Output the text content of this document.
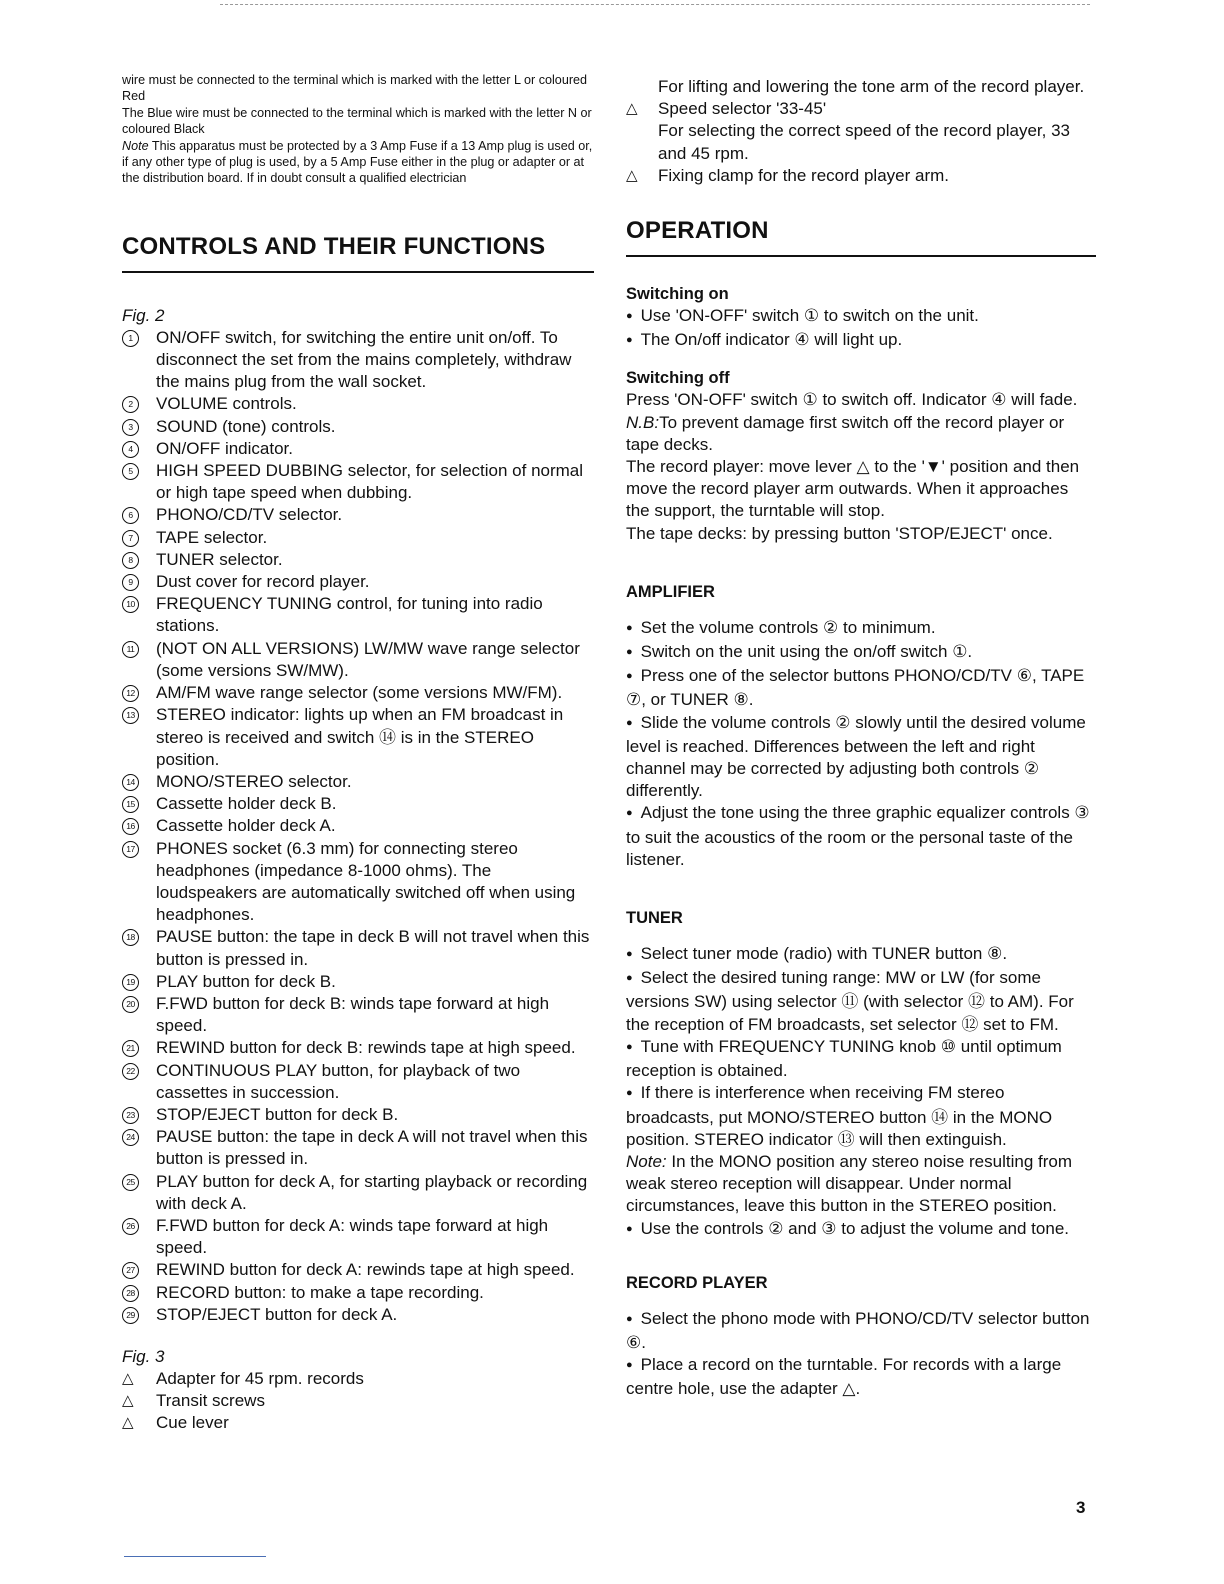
wire must be connected to the terminal which is marked with the letter L or coloured Red

The Blue wire must be connected to the terminal which is marked with the letter N or coloured Black

Note This apparatus must be protected by a 3 Amp Fuse if a 13 Amp plug is used or, if any other type of plug is used, by a 5 Amp Fuse either in the plug or adapter or at the distribution board. If in doubt consult a qualified electrician

CONTROLS AND THEIR FUNCTIONS
Fig. 2
1	ON/OFF switch, for switching the entire unit on/off. To disconnect the set from the mains completely, withdraw the mains plug from the wall socket.
2	VOLUME controls.
3	SOUND (tone) controls.
4	ON/OFF indicator.
5	HIGH SPEED DUBBING selector, for selection of normal or high tape speed when dubbing.
6	PHONO/CD/TV selector.
7	TAPE selector.
8	TUNER selector.
9	Dust cover for record player.
10 FREQUENCY TUNING control, for tuning into radio stations.
11 (NOT ON ALL VERSIONS) LW/MW wave range selector (some versions SW/MW).
12 AM/FM wave range selector (some versions MW/FM).
13 STEREO indicator: lights up when an FM broadcast in stereo is received and switch ⑭ is in the STEREO position.
14 MONO/STEREO selector.
15 Cassette holder deck B.
16 Cassette holder deck A.
17 PHONES socket (6.3 mm) for connecting stereo headphones (impedance 8-1000 ohms). The loudspeakers are automatically switched off when using headphones.
18 PAUSE button: the tape in deck B will not travel when this button is pressed in.
19 PLAY button for deck B.
20 F.FWD button for deck B: winds tape forward at high speed.
21 REWIND button for deck B: rewinds tape at high speed.
22 CONTINUOUS PLAY button, for playback of two cassettes in succession.
23 STOP/EJECT button for deck B.
24 PAUSE button: the tape in deck A will not travel when this button is pressed in.
25 PLAY button for deck A, for starting playback or recording with deck A.
26 F.FWD button for deck A: winds tape forward at high speed.
27 REWIND button for deck A: rewinds tape at high speed.
28 RECORD button: to make a tape recording.
29 STOP/EJECT button for deck A.
Fig. 3
△ Adapter for 45 rpm. records
△ Transit screws
△ Cue lever

For lifting and lowering the tone arm of the record player.

△ Speed selector '33-45'

For selecting the correct speed of the record player, 33 and 45 rpm.

△ Fixing clamp for the record player arm.

OPERATION

Switching on

● Use 'ON-OFF' switch ① to switch on the unit.

● The On/off indicator ④ will light up.

Switching off

Press 'ON-OFF' switch ① to switch off. Indicator ④ will fade.

N.B:To prevent damage first switch off the record player or tape decks.

The record player: move lever △ to the '▼' position and then move the record player arm outwards. When it approaches the support, the turntable will stop.

The tape decks: by pressing button 'STOP/EJECT' once.

AMPLIFIER

● Set the volume controls ② to minimum.

● Switch on the unit using the on/off switch ①.

● Press one of the selector buttons PHONO/CD/TV ⑥, TAPE ⑦, or TUNER ⑧.

● Slide the volume controls ② slowly until the desired volume level is reached. Differences between the left and right channel may be corrected by adjusting both controls ② differently.

● Adjust the tone using the three graphic equalizer controls ③ to suit the acoustics of the room or the personal taste of the listener.

TUNER

● Select tuner mode (radio) with TUNER button ⑧.

● Select the desired tuning range: MW or LW (for some versions SW) using selector ⑪ (with selector ⑫ to AM). For the reception of FM broadcasts, set selector ⑫ set to FM.

● Tune with FREQUENCY TUNING knob ⑩ until optimum reception is obtained.

● If there is interference when receiving FM stereo broadcasts, put MONO/STEREO button ⑭ in the MONO position. STEREO indicator ⑬ will then extinguish.

Note: In the MONO position any stereo noise resulting from weak stereo reception will disappear. Under normal circumstances, leave this button in the STEREO position.

● Use the controls ② and ③ to adjust the volume and tone.

RECORD PLAYER

● Select the phono mode with PHONO/CD/TV selector button ⑥.

● Place a record on the turntable. For records with a large centre hole, use the adapter △.

3
